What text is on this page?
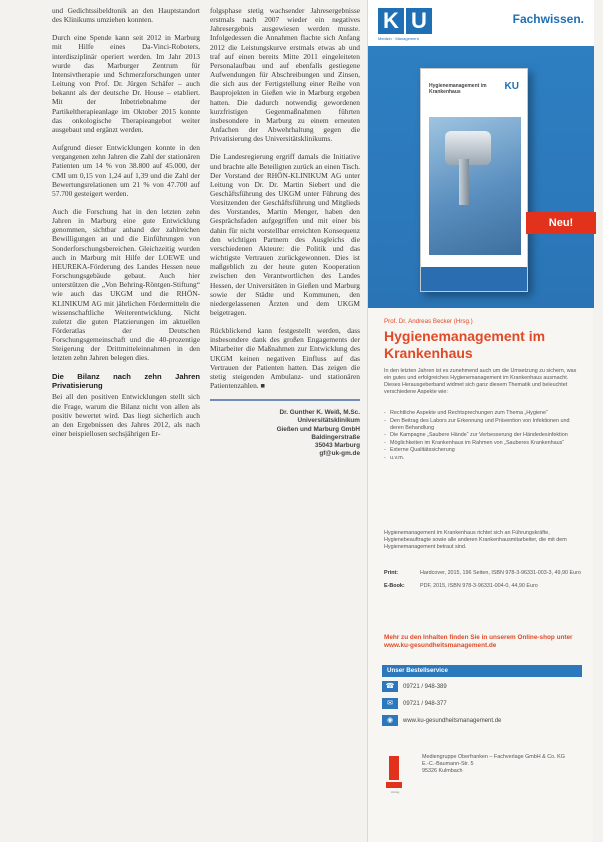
und Gedichtssibeldtonik an den Hauptstandort des Klinikums umziehen konnten.

Durch eine Spende kann seit 2012 in Marburg mit Hilfe eines Da-Vinci-Roboters, interdisziplinär operiert werden. Im Jahr 2013 wurde das Marburger Zentrum für Intensivtherapie und Schmerzforschungen unter Leitung von Prof. Dr. Jürgen Schäfer – auch bekannt als der deutsche Dr. House – etabliert. Mit der Inbetriebnahme der Partikeltherapieanlage im Oktober 2015 konnte das onkologische Therapieangebot weiter ausgebaut und ergänzt werden.

Aufgrund dieser Entwicklungen konnte in den vergangenen zehn Jahren die Zahl der stationären Patienten um 14 % von 38.800 auf 45.000, der CMI um 0,15 von 1,24 auf 1,39 und die Zahl der Bewertungsrelationen um 21 % von 47.700 auf 57.700 gesteigert werden.

Auch die Forschung hat in den letzten zehn Jahren in Marburg eine gute Entwicklung genommen, sichtbar anhand der zahlreichen Bewilligungen an und die Einführungen von Sonderforschungsbereichen. Gleichzeitig wurden auch in Marburg mit Hilfe der LOEWE und HEUREKA-Förderung des Landes Hessen neue Forschungsgebäude gebaut. Auch hier unterstützen die „Von Behring-Röntgen-Stiftung“ wie auch das UKGM und die RHÖN-KLINIKUM AG mit jährlichen Fördermitteln die wissenschaftliche Weiterentwicklung. Nicht zuletzt die guten Platzierungen im aktuellen Förderatlas der Deutschen Forschungsgemeinschaft und die 40-prozentige Steigerung der Drittmitteleinnahmen in den letzten zehn Jahren belegen dies.

Die Bilanz nach zehn Jahren Privatisierung

Bei all den positiven Entwicklungen stellt sich die Frage, warum die Bilanz nicht von allen als positiv bewertet wird. Das liegt sicherlich auch an den Ergebnissen des Jahres 2012, als nach einer beispiellosen sechsjährigen Er-

folgsphase stetig wachsender Jahresergebnisse erstmals nach 2007 wieder ein negatives Jahresergebnis ausgewiesen werden musste. Infolgedessen die Annahmen flachte sich Anfang 2012 die Leistungskurve erstmals etwas ab und traf auf einen bereits Mitte 2011 eingeleiteten Personalaufbau und auf ebenfalls gestiegene Aufwendungen für Abschreibungen und Zinsen, die sich aus der Fertigstellung einer Reihe von Bauprojekten in Gießen wie in Marburg ergeben hatten. Die dadurch notwendig gewordenen kurzfristigen Gegenmaßnahmen führten insbesondere in Marburg zu einem erneuten Anfachen der Abwehrhaltung gegen die Privatisierung des Universitätsklinikums.

Die Landesregierung ergriff damals die Initiative und brachte alle Beteiligten zurück an einen Tisch. Der Vorstand der RHÖN-KLINIKUM AG unter Leitung von Dr. Dr. Martin Siebert und die Geschäftsführung des UKGM unter Führung des Vorsitzenden der Geschäftsführung und Mitglieds des Vorstandes, Martin Menger, haben den Gesprächsfaden aufgegriffen und mit einer bis dahin für nicht vorstellbar erreichten Konsequenz den wichtigen Partnern des Ausgleichs die verschiedenen Akteure: die Politik und das wichtigste Vertrauen zurückgewonnen. Dies ist maßgeblich zu der heute guten Kooperation zwischen den Verantwortlichen des Landes Hessen, der Universitäten in Gießen und Marburg sowie der Städte und Kommunen, den niedergelassenen Ärzten und dem UKGM beigetragen.

Rückblickend kann festgestellt werden, dass insbesondere dank des großen Engagements der Mitarbeiter die Maßnahmen zur Entwicklung des UKGM keinen negativen Einfluss auf das Vertrauen der Patienten hatten. Das zeigen die stetig steigenden Ambulanz- und stationären Patientenzahlen. ■

Dr. Gunther K. Weiß, M.Sc.
Universitätsklinikum
Gießen und Marburg GmbH
Baldingerstraße
35043 Marburg
gf@uk-gm.de
K U
Medizin · Management
Fachwissen.
Hygienemanagement im Krankenhaus	KU
Neu!
Prof. Dr. Andreas Becker (Hrsg.)
Hygienemanagement im Krankenhaus
In den letzten Jahren ist es zunehmend auch um die Umsetzung zu sichern, was ein gutes und erfolgreiches Hygienemanagement im Krankenhaus ausmacht. Dieses Herausgeberband widmet sich ganz diesem Thematik und beleuchtet verschiedene Aspekte wie:
- Rechtliche Aspekte und Rechtsprechungen zum Thema „Hygiene“
- Den Beitrag des Labors zur Erkennung und Prävention von Infektionen und deren Behandlung
- Die Kampagne „Saubere Hände“ zur Verbesserung der Händedesinfektion
- Möglichkeiten im Krankenhaus im Rahmen von „Sauberes Krankenhaus“
- Externe Qualitätssicherung
- u.v.m.
Hygienemanagement im Krankenhaus richtet sich an Führungskräfte, Hygienebeauftragte sowie alle anderen Krankenhausmitarbeiter, die mit dem Hygienemanagement betraut sind.
Print:	Hardcover, 2015, 196 Seiten, ISBN 978-3-96331-003-3, 49,90 Euro
E-Book:	PDF, 2015, ISBN 978-3-96331-004-0, 44,90 Euro
Mehr zu den Inhalten finden Sie in unserem Online-shop unter www.ku-gesundheitsmanagement.de
Unser Bestellservice
☎	09721 / 948-389
✉	09721 / 948-377
◉	www.ku-gesundheitsmanagement.de
Verlag
Mediengruppe Oberfranken – Fachverlage GmbH & Co. KG
E.-C.-Baumann-Str. 5
95326 Kulmbach
